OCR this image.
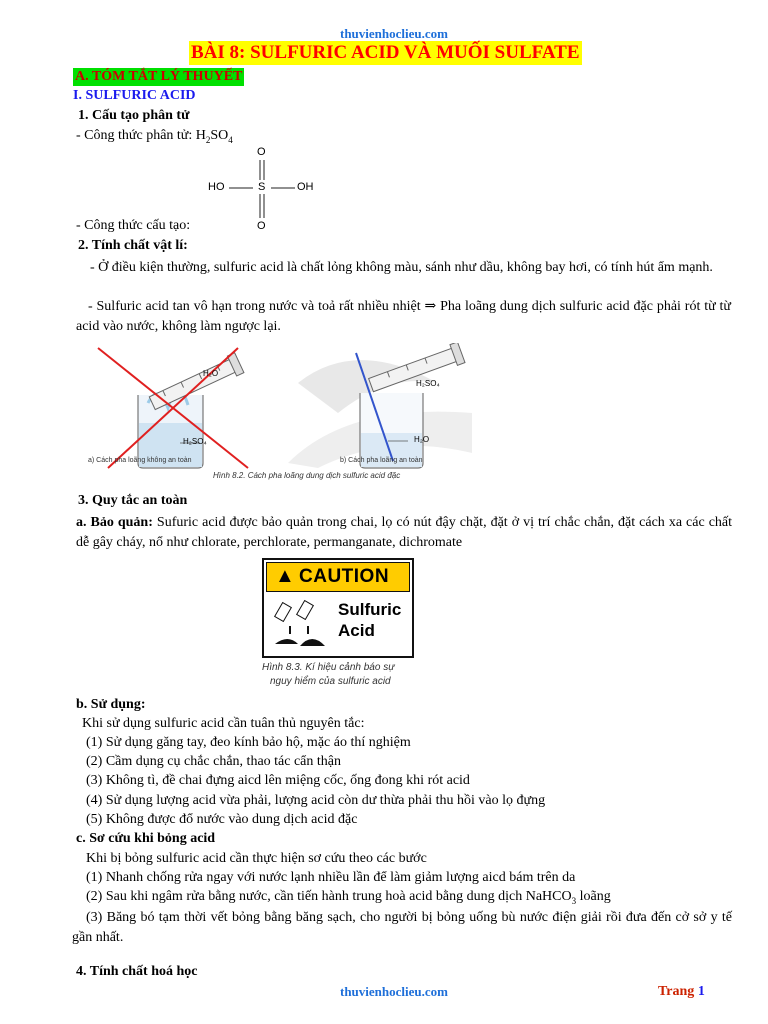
thuvienhoclieu.com
BÀI 8: SULFURIC ACID VÀ MUỐI SULFATE
A. TÓM TẮT LÝ THUYẾT
I. SULFURIC ACID
1. Cấu tạo phân tử
- Công thức phân tử: $H_2SO_4$
O
HO	S	OH
O
- Công thức cấu tạo:
2. Tính chất vật lí:
- Ở điều kiện thường, sulfuric acid là chất lỏng không màu, sánh như dầu, không bay hơi, có tính hút ẩm mạnh.
- Sulfuric acid tan vô hạn trong nước và toả rất nhiều nhiệt ⇒ Pha loãng dung dịch sulfuric acid đặc phải rót từ từ acid vào nước, không làm ngược lại.
H₂O
H₂SO₄
H₂SO₄
H₂O
a) Cách pha loãng không an toàn	b) Cách pha loãng an toàn
Hình 8.2. Cách pha loãng dung dịch sulfuric acid đặc
3. Quy tắc an toàn
a. Bảo quản: Sufuric acid được bảo quản trong chai, lọ có nút đậy chặt, đặt ở vị trí chắc chắn, đặt cách xa các chất dễ gây cháy, nổ như chlorate, perchlorate, permanganate, dichromate
▲ CAUTION
Sulfuric
Acid
Hình 8.3. Kí hiệu cảnh báo sự
nguy hiểm của sulfuric acid
b. Sử dụng:
Khi sử dụng sulfuric acid cần tuân thủ nguyên tắc:
(1) Sử dụng găng tay, đeo kính bảo hộ, mặc áo thí nghiệm
(2) Cầm dụng cụ chắc chắn, thao tác cẩn thận
(3) Không tì, đề chai đựng aicd lên miệng cốc, ống đong khi rót acid
(4) Sử dụng lượng acid vừa phải, lượng acid còn dư thừa phải thu hồi vào lọ đựng
(5) Không được đổ nước vào dung dịch acid đặc
c. Sơ cứu khi bỏng acid
Khi bị bỏng sulfuric acid cần thực hiện sơ cứu theo các bước
(1) Nhanh chống rửa ngay với nước lạnh nhiều lần để làm giảm lượng aicd bám trên da
(2) Sau khi ngâm rửa bằng nước, cần tiến hành trung hoà acid bằng dung dịch NaHCO$_3$ loãng
(3) Băng bó tạm thời vết bỏng bằng băng sạch, cho người bị bỏng uống bù nước điện giải rồi đưa đến cở sở y tế gần nhất.
4. Tính chất hoá học
thuvienhoclieu.com	Trang 1
